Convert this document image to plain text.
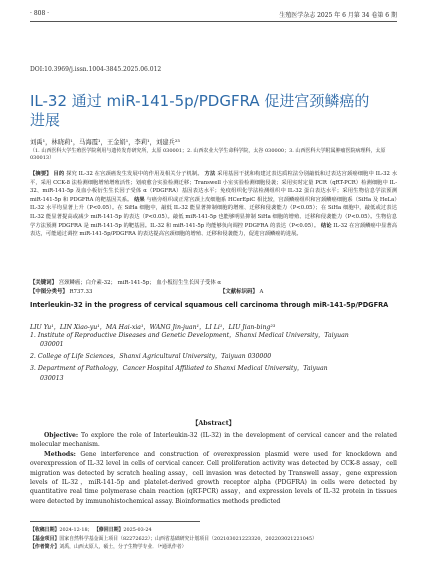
· 808 ·	生殖医学杂志 2025 年 6 月第 34 卷第 6 期
DOI:10.3969/j.issn.1004-3845.2025.06.012
IL-32 通过 miR-141-5p/PDGFRA 促进宫颈鳞癌的
进展
刘禹¹，林晓莉¹，马海霞¹，王金娟¹，李莉¹，刘建兵²³
（1. 山西医科大学生殖医学院利用与遗传发育研究所，太原 030001；2. 山西农业大学生命科学院，太谷 030000；3. 山西医科大学附属肿瘤医院病理科，太原 030013）
【摘要】 目的 探究 IL-32 在宫颈癌发生发展中的作用及相关分子机制。 方法 采用基因干扰和构建过表达质粒法分别敲低和过表达宫颈癌细胞中 IL-32 水平，采用 CCK-8 法检测细胞增殖增殖活性；划痕愈合实验检测迁移；Transwell 小室实验检测细胞侵袭；采用实时定量 PCR（qRT-PCR）检测细胞中 IL-32、miR-141-5p 及血小板衍生生长因子受体 α（PDGFRA）基因表达水平；免疫组织化学法检测组织中 IL-32 蛋白表达水平；采用生物信息学法预测 miR-141-5p 和 PDGFRA 的靶基因关系。 结果 与癌旁组织或正常宫颈上皮细胞系 HCerEpiC 相比较，宫颈鳞癌组织和宫颈鳞癌细胞系（SiHa 及 HeLa）IL-32 水平均显著上升（P<0.05）。在 SiHa 细胞中，敲低 IL-32 能显著抑制细胞的增殖、迁移和侵袭能力（P<0.05）；在 SiHa 细胞中，敲低或过表达 IL-32 能显著提高或减少 miR-141-5p 的表达（P<0.05）。敲低 miR-141-5p 也能够明显抑制 SiHa 细胞的增殖、迁移和侵袭能力（P<0.05）。生物信息学方法预测 PDGFRA 是 miR-141-5p 的靶基因。IL-32 和 miR-141-5p 均能够负向调控 PDGFRA 的表达（P<0.05）。 结论 IL-32 在宫颈鳞癌中显著高表达，可能通过调控 miR-141-5p/PDGFRA 的表达提高宫颈细胞的增殖、迁移和侵袭能力，促进宫颈鳞癌的进展。
【关键词】 宫颈鳞癌；白介素-32； miR-141-5p； 血小板衍生生长因子受体 α
【中图分类号】 R737.33	【文献标识码】 A
Interleukin-32 in the progress of cervical squamous cell carcinoma through miR-141-5p/PDGFRA
LIU Yu¹，LIN Xiao-yu¹，MA Hai-xia¹，WANG Jin-juan¹，LI Li¹，LIU Jian-bing²³

1. Institute of Reproductive Diseases and Genetic Development，Shanxi Medical University，Taiyuan
030001

2. College of Life Sciences，Shanxi Agricultural University，Taiyuan 030000

3. Department of Pathology，Cancer Hospital Affiliated to Shanxi Medical University，Taiyuan
030013

【Abstract】

Objective: To explore the role of Interleukin-32 (IL-32) in the development of cervical cancer and the related molecular mechanism.

Methods: Gene interference and construction of overexpression plasmid were used for knockdown and overexpression of IL-32 level in cells of cervical cancer. Cell proliferation activity was detected by CCK-8 assay，cell migration was detected by scratch healing assay，cell invasion was detected by Transwell assay，gene expression levels of IL-32，miR-141-5p and platelet-derived growth receptor alpha (PDGFRA) in cells were detected by quantitative real time polymerase chain reaction (qRT-PCR) assay，and expression levels of IL-32 protein in tissues were detected by immunohistochemical assay. Bioinformatics methods predicted

【收稿日期】2024-12-18； 【修回日期】2025-03-24
【基金项目】国家自然科学基金面上项目（82272622）；山西省基础研究计划项目（202103021223320，202203021221045）
【作者简介】刘禹，山西太原人，硕士，分子生物学专业．（*通讯作者）
